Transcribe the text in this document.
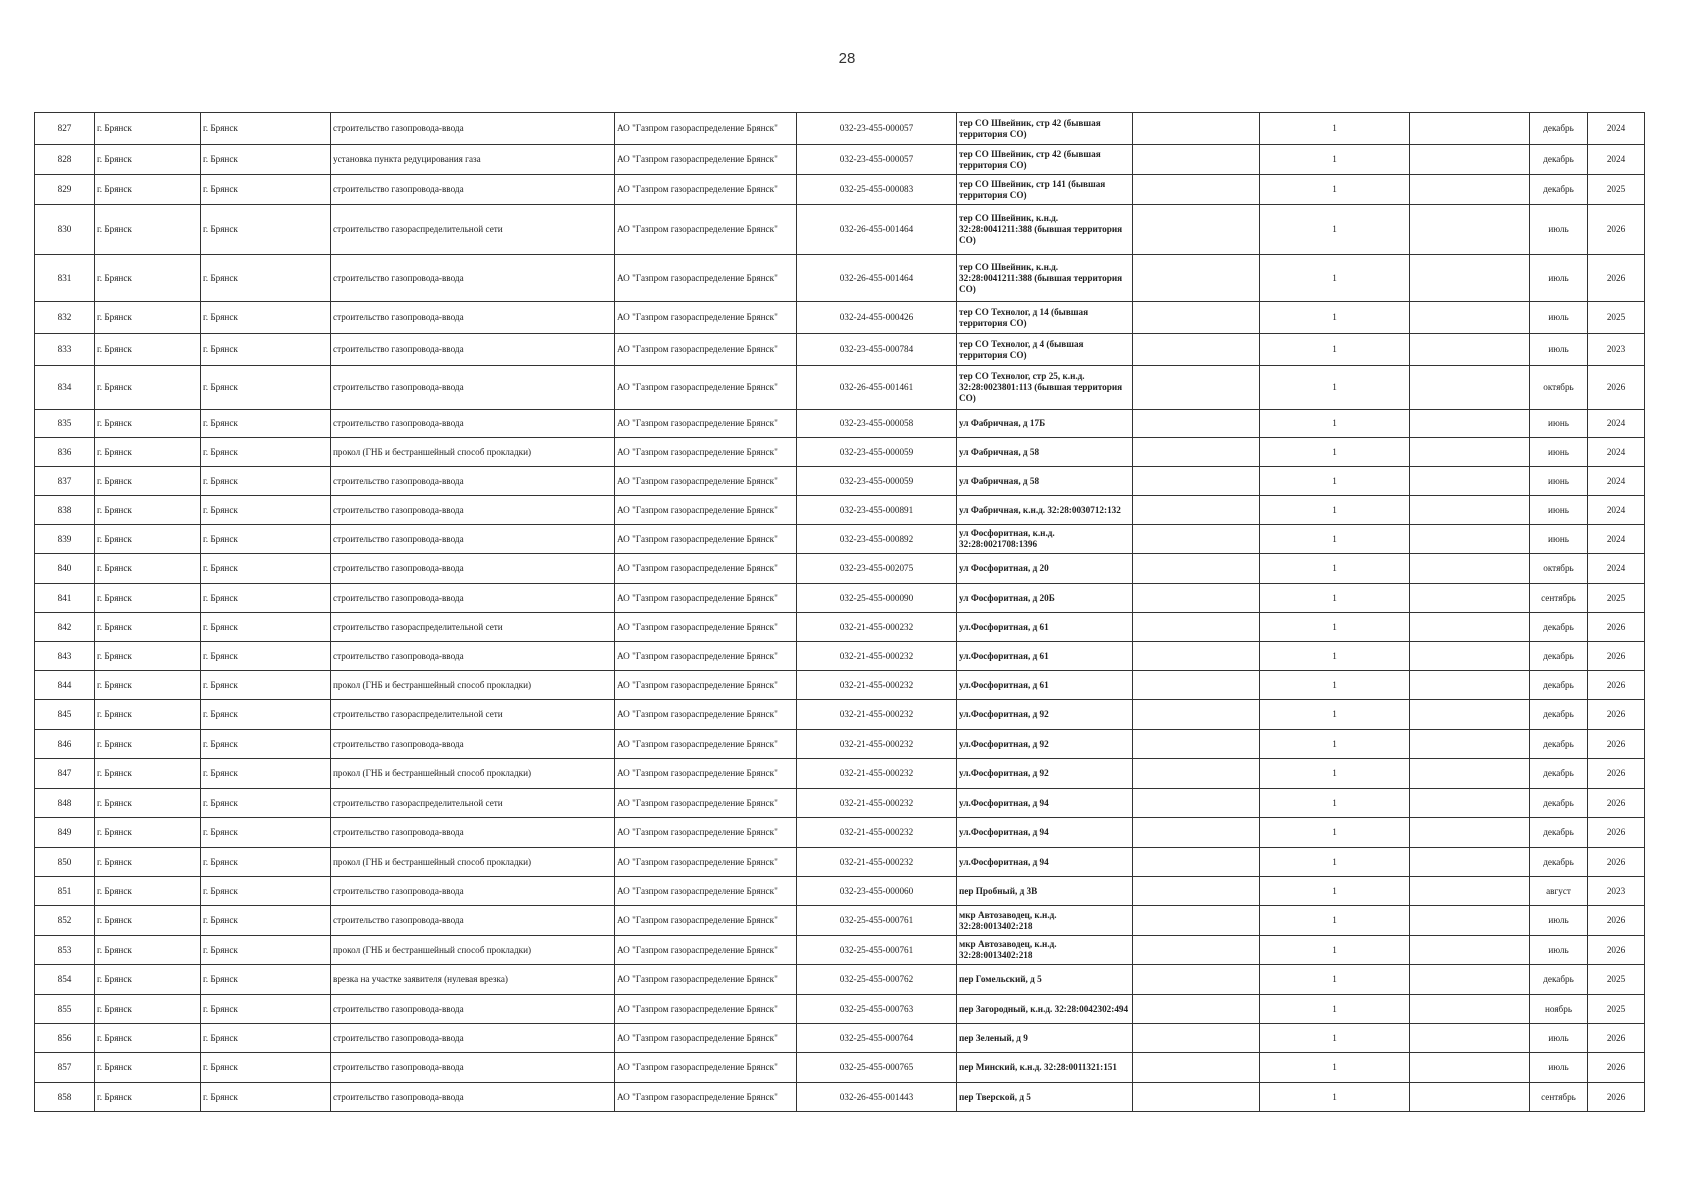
28
827	г. Брянск	г. Брянск	строительство газопровода-ввода	АО "Газпром газораспределение Брянск"	032-23-455-000057	тер СО Швейник, стр 42 (бывшая территория СО)		1		декабрь	2024
828	г. Брянск	г. Брянск	установка пункта редуцирования газа	АО "Газпром газораспределение Брянск"	032-23-455-000057	тер СО Швейник, стр 42 (бывшая территория СО)		1		декабрь	2024
829	г. Брянск	г. Брянск	строительство газопровода-ввода	АО "Газпром газораспределение Брянск"	032-25-455-000083	тер СО Швейник, стр 141 (бывшая территория СО)		1		декабрь	2025
830	г. Брянск	г. Брянск	строительство газораспределительной сети	АО "Газпром газораспределение Брянск"	032-26-455-001464	тер СО Швейник, к.н.д. 32:28:0041211:388 (бывшая территория СО)		1		июль	2026
831	г. Брянск	г. Брянск	строительство газопровода-ввода	АО "Газпром газораспределение Брянск"	032-26-455-001464	тер СО Швейник, к.н.д. 32:28:0041211:388 (бывшая территория СО)		1		июль	2026
832	г. Брянск	г. Брянск	строительство газопровода-ввода	АО "Газпром газораспределение Брянск"	032-24-455-000426	тер СО Технолог, д 14 (бывшая территория СО)		1		июль	2025
833	г. Брянск	г. Брянск	строительство газопровода-ввода	АО "Газпром газораспределение Брянск"	032-23-455-000784	тер СО Технолог, д 4 (бывшая территория СО)		1		июль	2023
834	г. Брянск	г. Брянск	строительство газопровода-ввода	АО "Газпром газораспределение Брянск"	032-26-455-001461	тер СО Технолог, стр 25, к.н.д. 32:28:0023801:113 (бывшая территория СО)		1		октябрь	2026
835	г. Брянск	г. Брянск	строительство газопровода-ввода	АО "Газпром газораспределение Брянск"	032-23-455-000058	ул Фабричная, д 17Б		1		июнь	2024
836	г. Брянск	г. Брянск	прокол (ГНБ и бестраншейный способ прокладки)	АО "Газпром газораспределение Брянск"	032-23-455-000059	ул Фабричная, д 58		1		июнь	2024
837	г. Брянск	г. Брянск	строительство газопровода-ввода	АО "Газпром газораспределение Брянск"	032-23-455-000059	ул Фабричная, д 58		1		июнь	2024
838	г. Брянск	г. Брянск	строительство газопровода-ввода	АО "Газпром газораспределение Брянск"	032-23-455-000891	ул Фабричная, к.н.д. 32:28:0030712:132		1		июнь	2024
839	г. Брянск	г. Брянск	строительство газопровода-ввода	АО "Газпром газораспределение Брянск"	032-23-455-000892	ул Фосфоритная, к.н.д. 32:28:0021708:1396		1		июнь	2024
840	г. Брянск	г. Брянск	строительство газопровода-ввода	АО "Газпром газораспределение Брянск"	032-23-455-002075	ул Фосфоритная, д 20		1		октябрь	2024
841	г. Брянск	г. Брянск	строительство газопровода-ввода	АО "Газпром газораспределение Брянск"	032-25-455-000090	ул Фосфоритная, д 20Б		1		сентябрь	2025
842	г. Брянск	г. Брянск	строительство газораспределительной сети	АО "Газпром газораспределение Брянск"	032-21-455-000232	ул.Фосфоритная, д 61		1		декабрь	2026
843	г. Брянск	г. Брянск	строительство газопровода-ввода	АО "Газпром газораспределение Брянск"	032-21-455-000232	ул.Фосфоритная, д 61		1		декабрь	2026
844	г. Брянск	г. Брянск	прокол (ГНБ и бестраншейный способ прокладки)	АО "Газпром газораспределение Брянск"	032-21-455-000232	ул.Фосфоритная, д 61		1		декабрь	2026
845	г. Брянск	г. Брянск	строительство газораспределительной сети	АО "Газпром газораспределение Брянск"	032-21-455-000232	ул.Фосфоритная, д 92		1		декабрь	2026
846	г. Брянск	г. Брянск	строительство газопровода-ввода	АО "Газпром газораспределение Брянск"	032-21-455-000232	ул.Фосфоритная, д 92		1		декабрь	2026
847	г. Брянск	г. Брянск	прокол (ГНБ и бестраншейный способ прокладки)	АО "Газпром газораспределение Брянск"	032-21-455-000232	ул.Фосфоритная, д 92		1		декабрь	2026
848	г. Брянск	г. Брянск	строительство газораспределительной сети	АО "Газпром газораспределение Брянск"	032-21-455-000232	ул.Фосфоритная, д 94		1		декабрь	2026
849	г. Брянск	г. Брянск	строительство газопровода-ввода	АО "Газпром газораспределение Брянск"	032-21-455-000232	ул.Фосфоритная, д 94		1		декабрь	2026
850	г. Брянск	г. Брянск	прокол (ГНБ и бестраншейный способ прокладки)	АО "Газпром газораспределение Брянск"	032-21-455-000232	ул.Фосфоритная, д 94		1		декабрь	2026
851	г. Брянск	г. Брянск	строительство газопровода-ввода	АО "Газпром газораспределение Брянск"	032-23-455-000060	пер Пробный, д 3В		1		август	2023
852	г. Брянск	г. Брянск	строительство газопровода-ввода	АО "Газпром газораспределение Брянск"	032-25-455-000761	мкр Автозаводец, к.н.д. 32:28:0013402:218		1		июль	2026
853	г. Брянск	г. Брянск	прокол (ГНБ и бестраншейный способ прокладки)	АО "Газпром газораспределение Брянск"	032-25-455-000761	мкр Автозаводец, к.н.д. 32:28:0013402:218		1		июль	2026
854	г. Брянск	г. Брянск	врезка на участке заявителя (нулевая врезка)	АО "Газпром газораспределение Брянск"	032-25-455-000762	пер Гомельский, д 5		1		декабрь	2025
855	г. Брянск	г. Брянск	строительство газопровода-ввода	АО "Газпром газораспределение Брянск"	032-25-455-000763	пер Загородный, к.н.д. 32:28:0042302:494		1		ноябрь	2025
856	г. Брянск	г. Брянск	строительство газопровода-ввода	АО "Газпром газораспределение Брянск"	032-25-455-000764	пер Зеленый, д 9		1		июль	2026
857	г. Брянск	г. Брянск	строительство газопровода-ввода	АО "Газпром газораспределение Брянск"	032-25-455-000765	пер Минский, к.н.д. 32:28:0011321:151		1		июль	2026
858	г. Брянск	г. Брянск	строительство газопровода-ввода	АО "Газпром газораспределение Брянск"	032-26-455-001443	пер Тверской, д 5		1		сентябрь	2026
